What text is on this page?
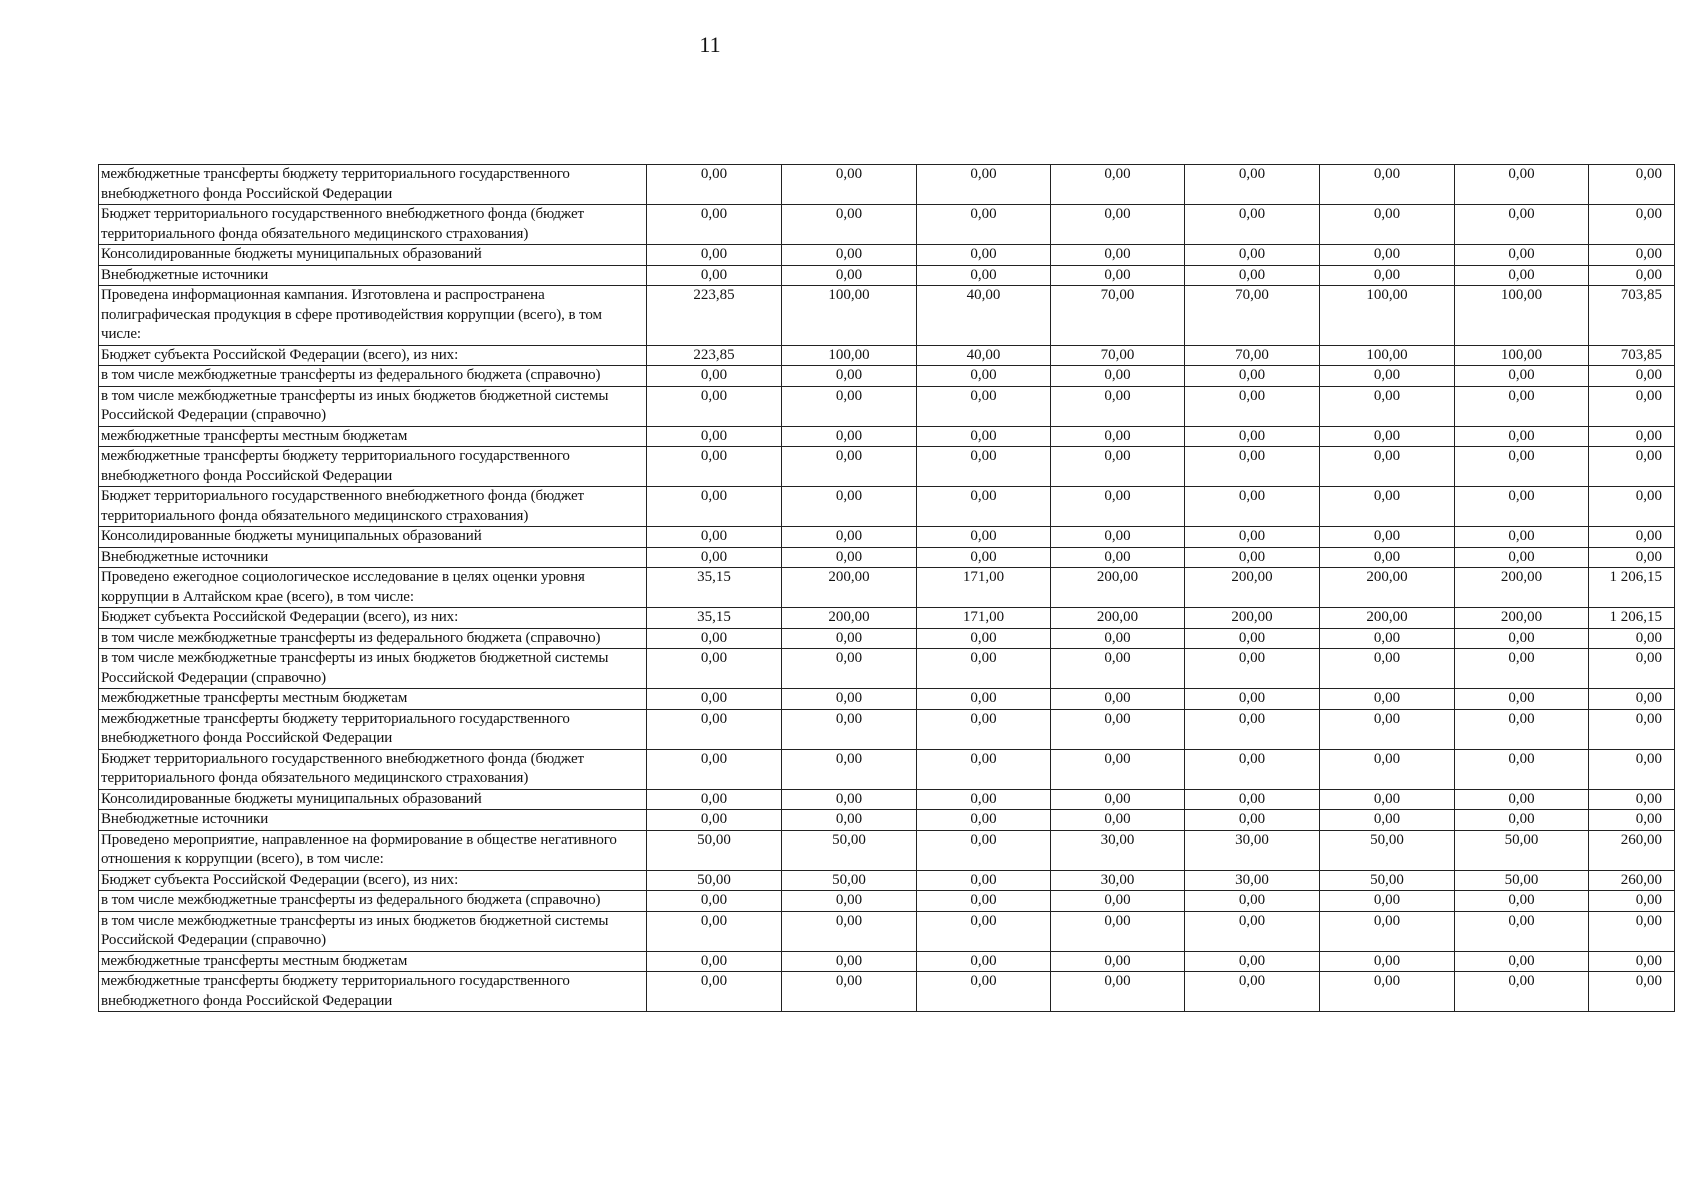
11
межбюджетные трансферты бюджету территориального государственного внебюджетного фонда Российской Федерации	0,00	0,00	0,00	0,00	0,00	0,00	0,00	0,00
Бюджет территориального государственного внебюджетного фонда (бюджет территориального фонда обязательного медицинского страхования)	0,00	0,00	0,00	0,00	0,00	0,00	0,00	0,00
Консолидированные бюджеты муниципальных образований	0,00	0,00	0,00	0,00	0,00	0,00	0,00	0,00
Внебюджетные источники	0,00	0,00	0,00	0,00	0,00	0,00	0,00	0,00
Проведена информационная кампания. Изготовлена и распространена полиграфическая продукция в сфере противодействия коррупции (всего), в том числе:	223,85	100,00	40,00	70,00	70,00	100,00	100,00	703,85
Бюджет субъекта Российской Федерации (всего), из них:	223,85	100,00	40,00	70,00	70,00	100,00	100,00	703,85
в том числе межбюджетные трансферты из федерального бюджета (справочно)	0,00	0,00	0,00	0,00	0,00	0,00	0,00	0,00
в том числе межбюджетные трансферты из иных бюджетов бюджетной системы Российской Федерации (справочно)	0,00	0,00	0,00	0,00	0,00	0,00	0,00	0,00
межбюджетные трансферты местным бюджетам	0,00	0,00	0,00	0,00	0,00	0,00	0,00	0,00
межбюджетные трансферты бюджету территориального государственного внебюджетного фонда Российской Федерации	0,00	0,00	0,00	0,00	0,00	0,00	0,00	0,00
Бюджет территориального государственного внебюджетного фонда (бюджет территориального фонда обязательного медицинского страхования)	0,00	0,00	0,00	0,00	0,00	0,00	0,00	0,00
Консолидированные бюджеты муниципальных образований	0,00	0,00	0,00	0,00	0,00	0,00	0,00	0,00
Внебюджетные источники	0,00	0,00	0,00	0,00	0,00	0,00	0,00	0,00
Проведено ежегодное социологическое исследование в целях оценки уровня коррупции в Алтайском крае (всего), в том числе:	35,15	200,00	171,00	200,00	200,00	200,00	200,00	1 206,15
Бюджет субъекта Российской Федерации (всего), из них:	35,15	200,00	171,00	200,00	200,00	200,00	200,00	1 206,15
в том числе межбюджетные трансферты из федерального бюджета (справочно)	0,00	0,00	0,00	0,00	0,00	0,00	0,00	0,00
в том числе межбюджетные трансферты из иных бюджетов бюджетной системы Российской Федерации (справочно)	0,00	0,00	0,00	0,00	0,00	0,00	0,00	0,00
межбюджетные трансферты местным бюджетам	0,00	0,00	0,00	0,00	0,00	0,00	0,00	0,00
межбюджетные трансферты бюджету территориального государственного внебюджетного фонда Российской Федерации	0,00	0,00	0,00	0,00	0,00	0,00	0,00	0,00
Бюджет территориального государственного внебюджетного фонда (бюджет территориального фонда обязательного медицинского страхования)	0,00	0,00	0,00	0,00	0,00	0,00	0,00	0,00
Консолидированные бюджеты муниципальных образований	0,00	0,00	0,00	0,00	0,00	0,00	0,00	0,00
Внебюджетные источники	0,00	0,00	0,00	0,00	0,00	0,00	0,00	0,00
Проведено мероприятие, направленное на формирование в обществе негативного отношения к коррупции (всего), в том числе:	50,00	50,00	0,00	30,00	30,00	50,00	50,00	260,00
Бюджет субъекта Российской Федерации (всего), из них:	50,00	50,00	0,00	30,00	30,00	50,00	50,00	260,00
в том числе межбюджетные трансферты из федерального бюджета (справочно)	0,00	0,00	0,00	0,00	0,00	0,00	0,00	0,00
в том числе межбюджетные трансферты из иных бюджетов бюджетной системы Российской Федерации (справочно)	0,00	0,00	0,00	0,00	0,00	0,00	0,00	0,00
межбюджетные трансферты местным бюджетам	0,00	0,00	0,00	0,00	0,00	0,00	0,00	0,00
межбюджетные трансферты бюджету территориального государственного внебюджетного фонда Российской Федерации	0,00	0,00	0,00	0,00	0,00	0,00	0,00	0,00
